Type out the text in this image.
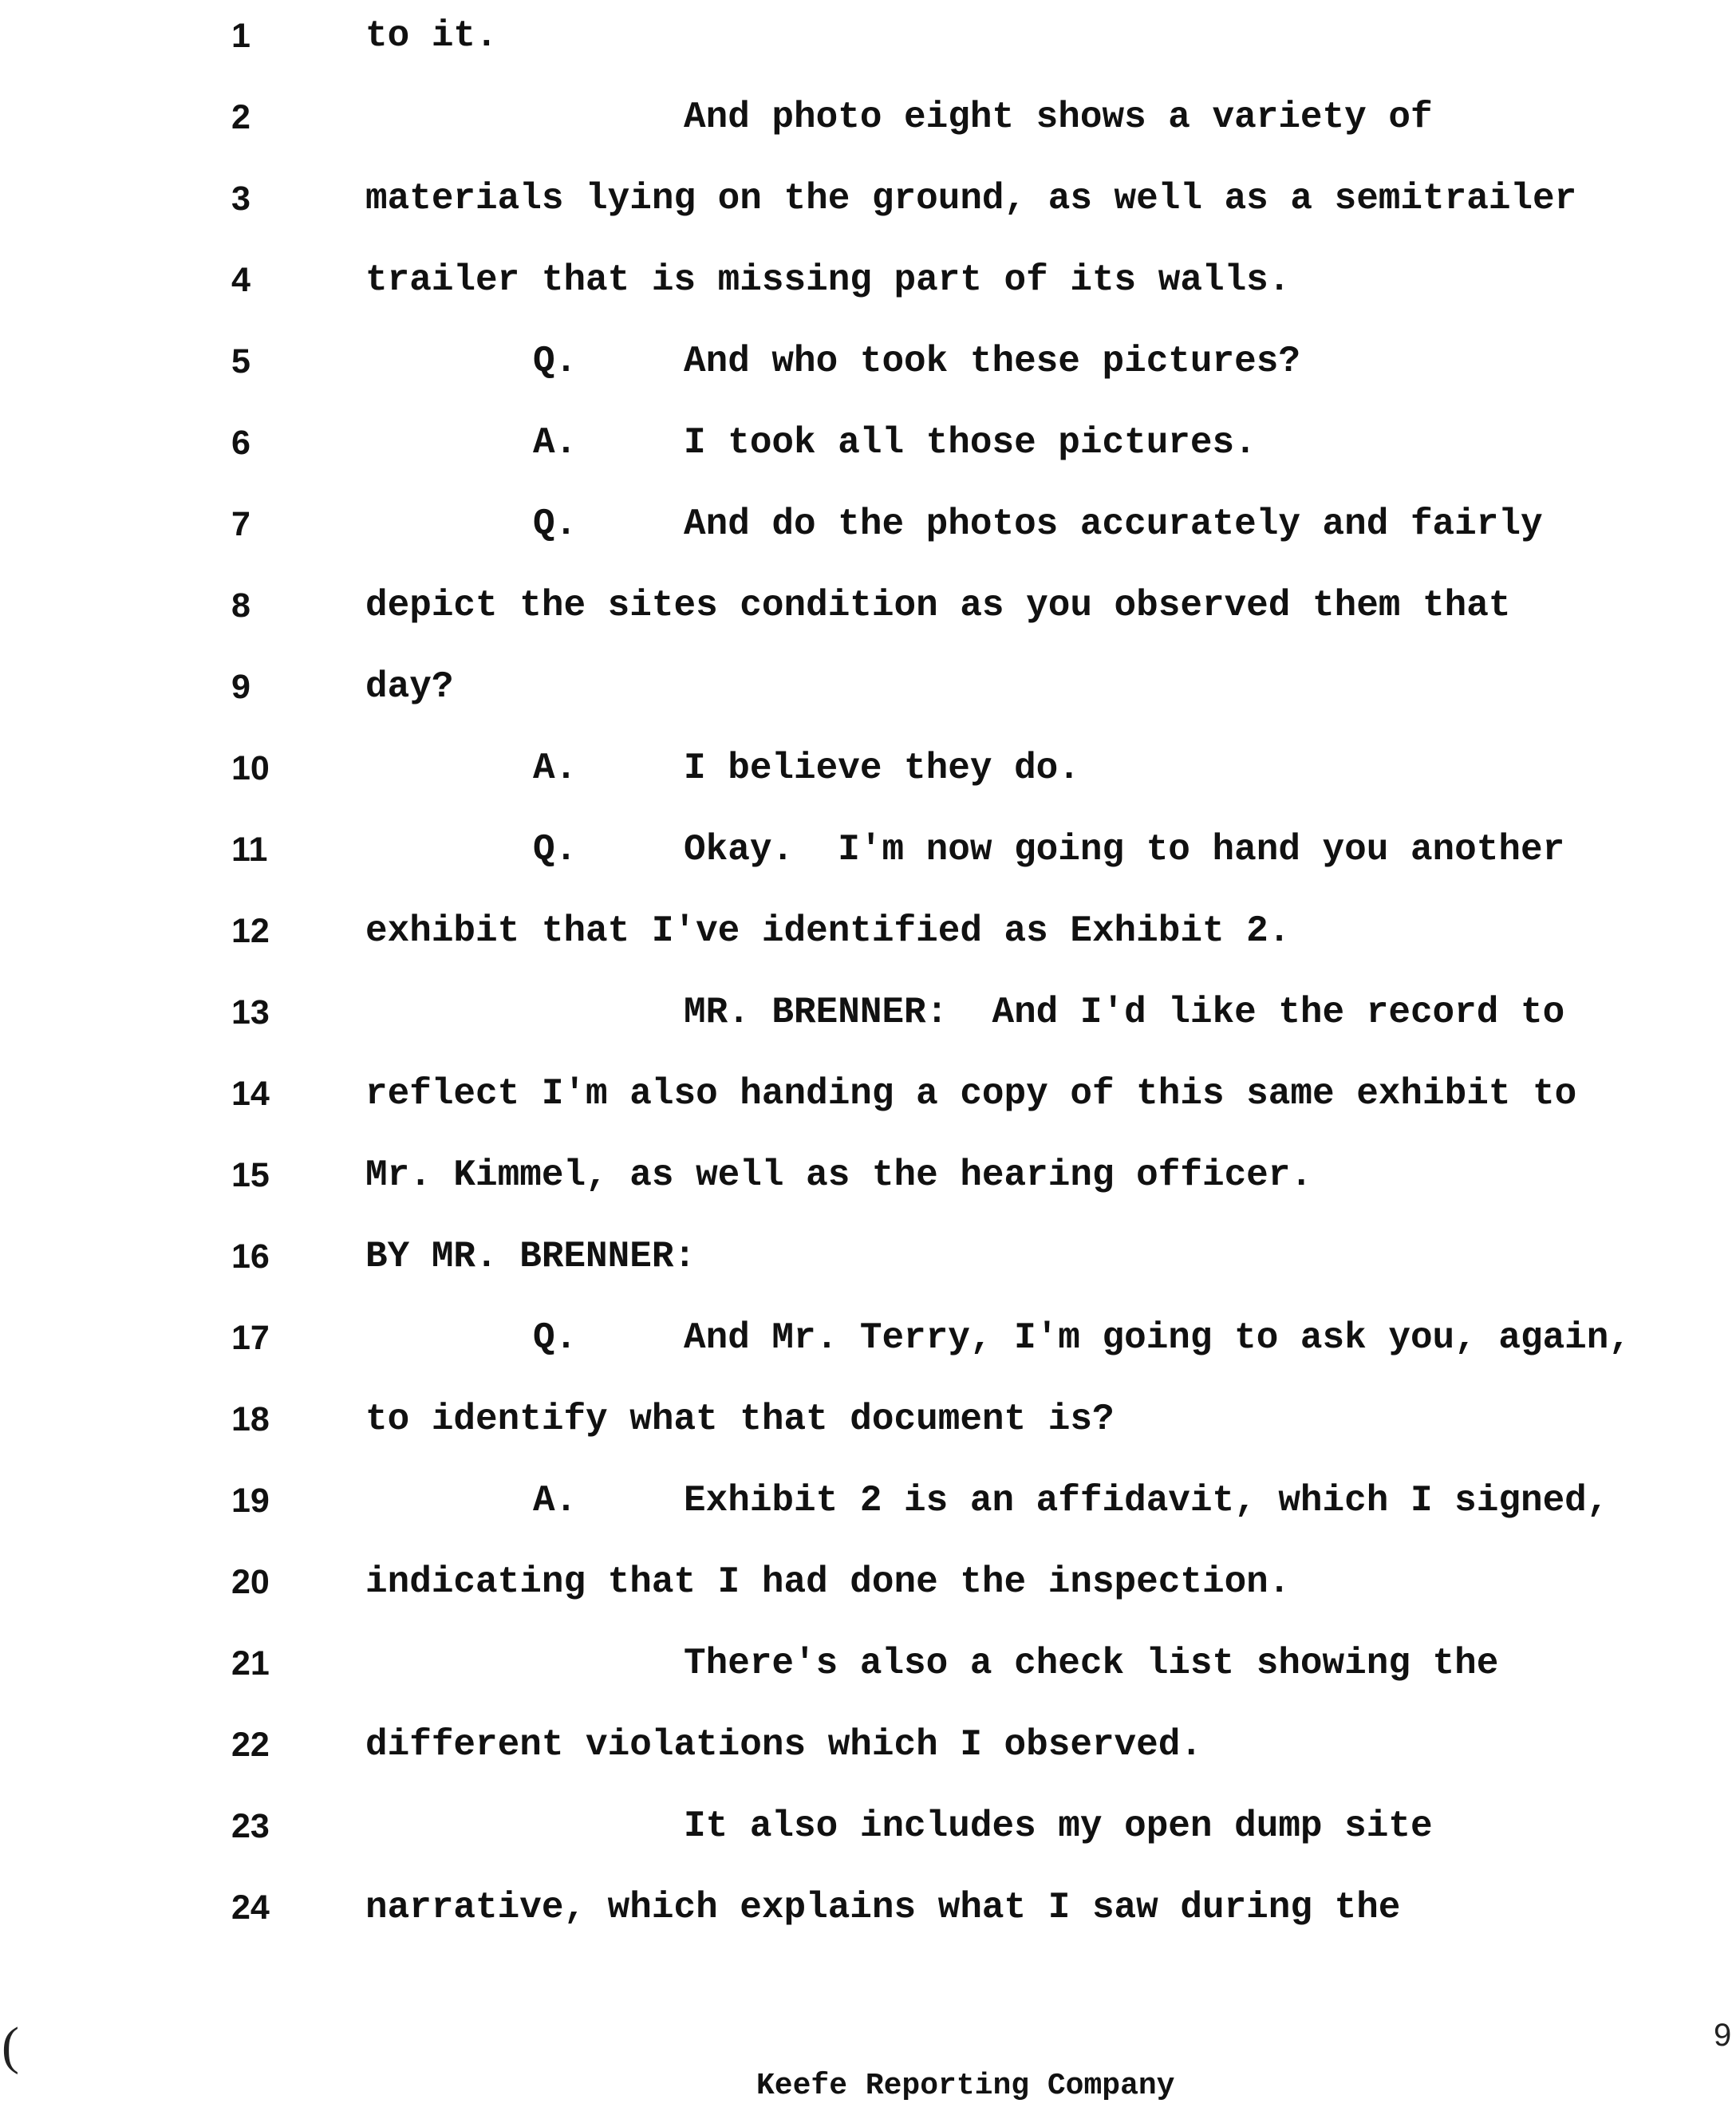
1	to it.
2	And photo eight shows a variety of
3	materials lying on the ground, as well as a semitrailer
4	trailer that is missing part of its walls.
5	Q.	And who took these pictures?
6	A.	I took all those pictures.
7	Q.	And do the photos accurately and fairly
8	depict the sites condition as you observed them that
9	day?
10	A.	I believe they do.
11	Q.	Okay.  I'm now going to hand you another
12	exhibit that I've identified as Exhibit 2.
13	MR. BRENNER:  And I'd like the record to
14	reflect I'm also handing a copy of this same exhibit to
15	Mr. Kimmel, as well as the hearing officer.
16	BY MR. BRENNER:
17	Q.	And Mr. Terry, I'm going to ask you, again,
18	to identify what that document is?
19	A.	Exhibit 2 is an affidavit, which I signed,
20	indicating that I had done the inspection.
21	There's also a check list showing the
22	different violations which I observed.
23	It also includes my open dump site
24	narrative, which explains what I saw during the
(	9
Keefe Reporting Company
